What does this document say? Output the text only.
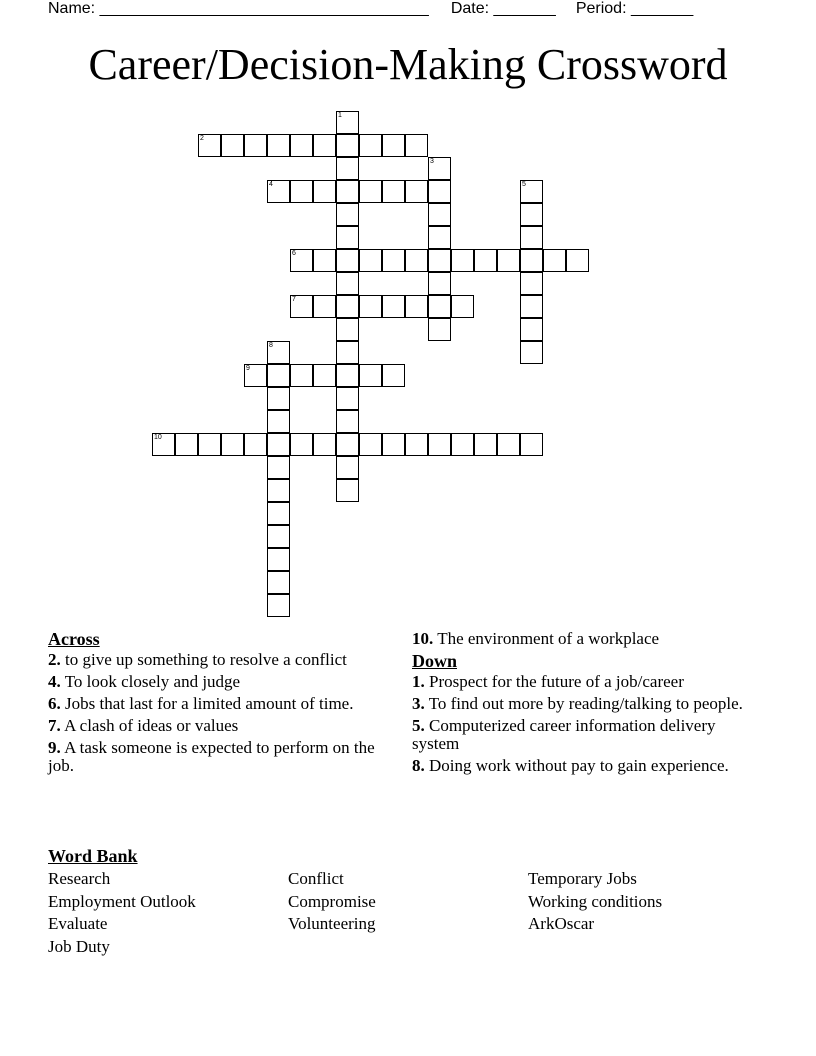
Name: _____________________________________ Date: _______ Period: _______
Career/Decision-Making Crossword
1
2
3
4	5
6
7
8
9
10
Across
2. to give up something to resolve a conflict
4. To look closely and judge
6. Jobs that last for a limited amount of time.
7. A clash of ideas or values
9. A task someone is expected to perform on the job.
10. The environment of a workplace
Down
1. Prospect for the future of a job/career
3. To find out more by reading/talking to people.
5. Computerized career information delivery system
8. Doing work without pay to gain experience.
Word Bank
Research
Employment Outlook
Evaluate
Job Duty
Conflict
Compromise
Volunteering
Temporary Jobs
Working conditions
ArkOscar
